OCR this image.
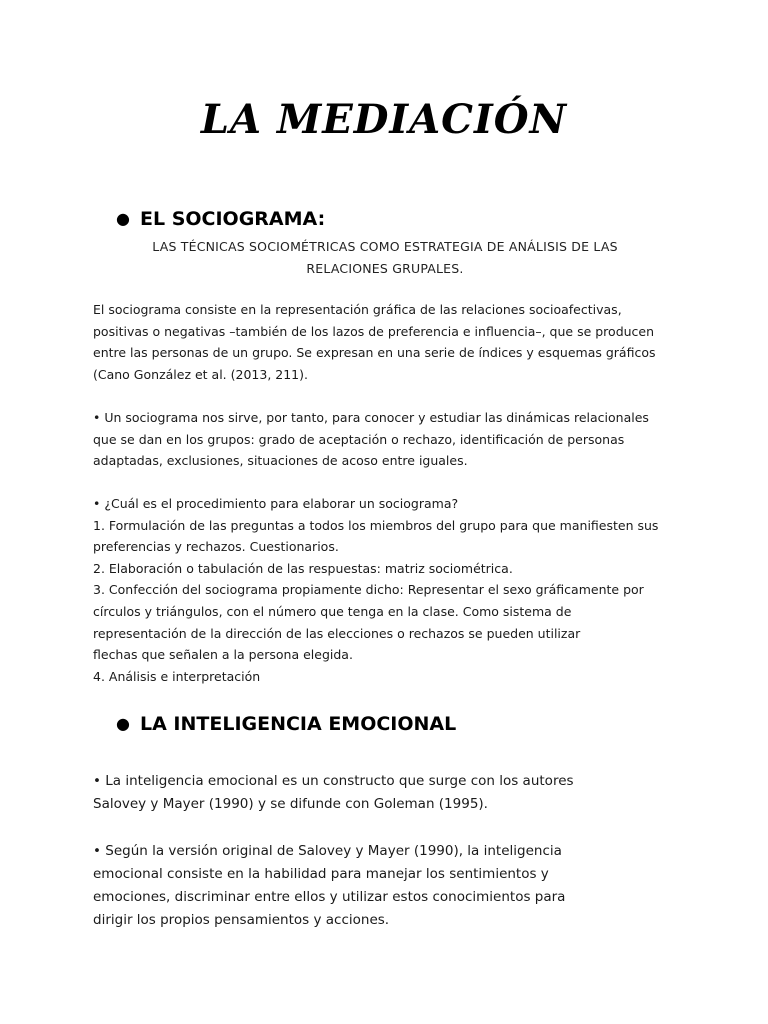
LA MEDIACIÓN
● EL SOCIOGRAMA:
LAS TÉCNICAS SOCIOMÉTRICAS COMO ESTRATEGIA DE ANÁLISIS DE LAS
RELACIONES GRUPALES.
El sociograma consiste en la representación gráfica de las relaciones socioafectivas,
positivas o negativas –también de los lazos de preferencia e influencia–, que se producen
entre las personas de un grupo. Se expresan en una serie de índices y esquemas gráficos
(Cano González et al. (2013, 211).
• Un sociograma nos sirve, por tanto, para conocer y estudiar las dinámicas relacionales
que se dan en los grupos: grado de aceptación o rechazo, identificación de personas
adaptadas, exclusiones, situaciones de acoso entre iguales.
• ¿Cuál es el procedimiento para elaborar un sociograma?
1. Formulación de las preguntas a todos los miembros del grupo para que manifiesten sus
preferencias y rechazos. Cuestionarios.
2. Elaboración o tabulación de las respuestas: matriz sociométrica.
3. Confección del sociograma propiamente dicho: Representar el sexo gráficamente por
círculos y triángulos, con el número que tenga en la clase. Como sistema de
representación de la dirección de las elecciones o rechazos se pueden utilizar
flechas que señalen a la persona elegida.
4. Análisis e interpretación
● LA INTELIGENCIA EMOCIONAL
• La inteligencia emocional es un constructo que surge con los autores
Salovey y Mayer (1990) y se difunde con Goleman (1995).
• Según la versión original de Salovey y Mayer (1990), la inteligencia
emocional consiste en la habilidad para manejar los sentimientos y
emociones, discriminar entre ellos y utilizar estos conocimientos para
dirigir los propios pensamientos y acciones.
